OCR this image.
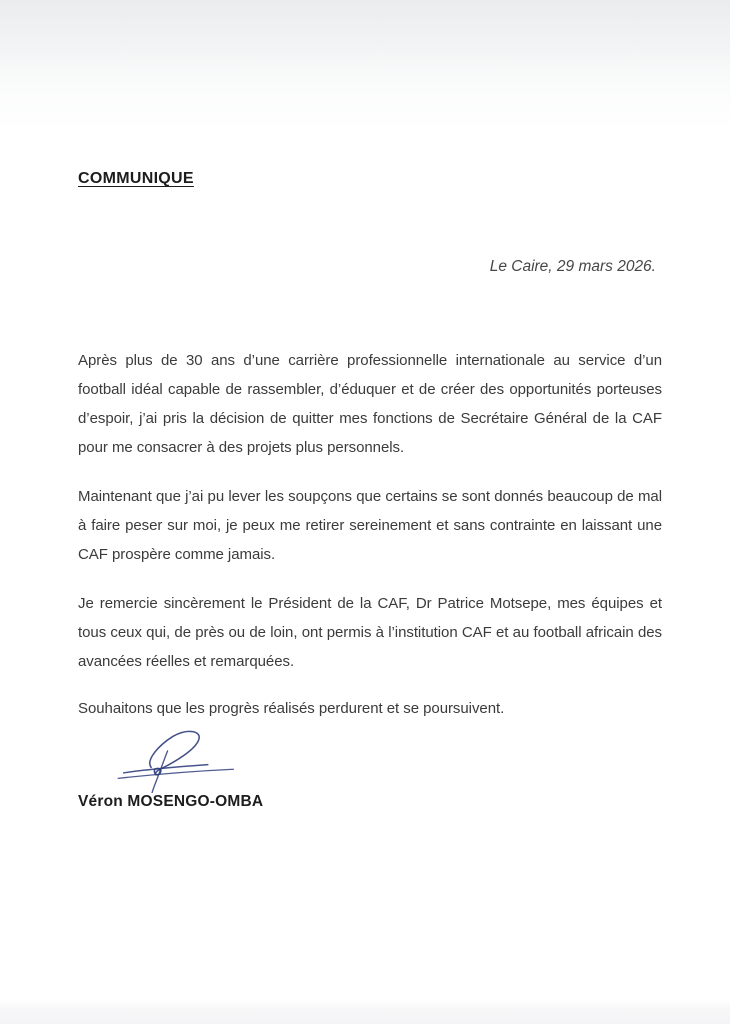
COMMUNIQUE
Le Caire, 29 mars 2026.

Après plus de 30 ans d’une carrière professionnelle internationale au service d’un football idéal capable de rassembler, d’éduquer et de créer des opportunités porteuses d’espoir, j’ai pris la décision de quitter mes fonctions de Secrétaire Général de la CAF pour me consacrer à des projets plus personnels.

Maintenant que j’ai pu lever les soupçons que certains se sont donnés beaucoup de mal à faire peser sur moi, je peux me retirer sereinement et sans contrainte en laissant une CAF prospère comme jamais.

Je remercie sincèrement le Président de la CAF, Dr Patrice Motsepe, mes équipes et tous ceux qui, de près ou de loin, ont permis à l’institution CAF et au football africain des avancées réelles et remarquées.

Souhaitons que les progrès réalisés perdurent et se poursuivent.

Véron MOSENGO-OMBA
